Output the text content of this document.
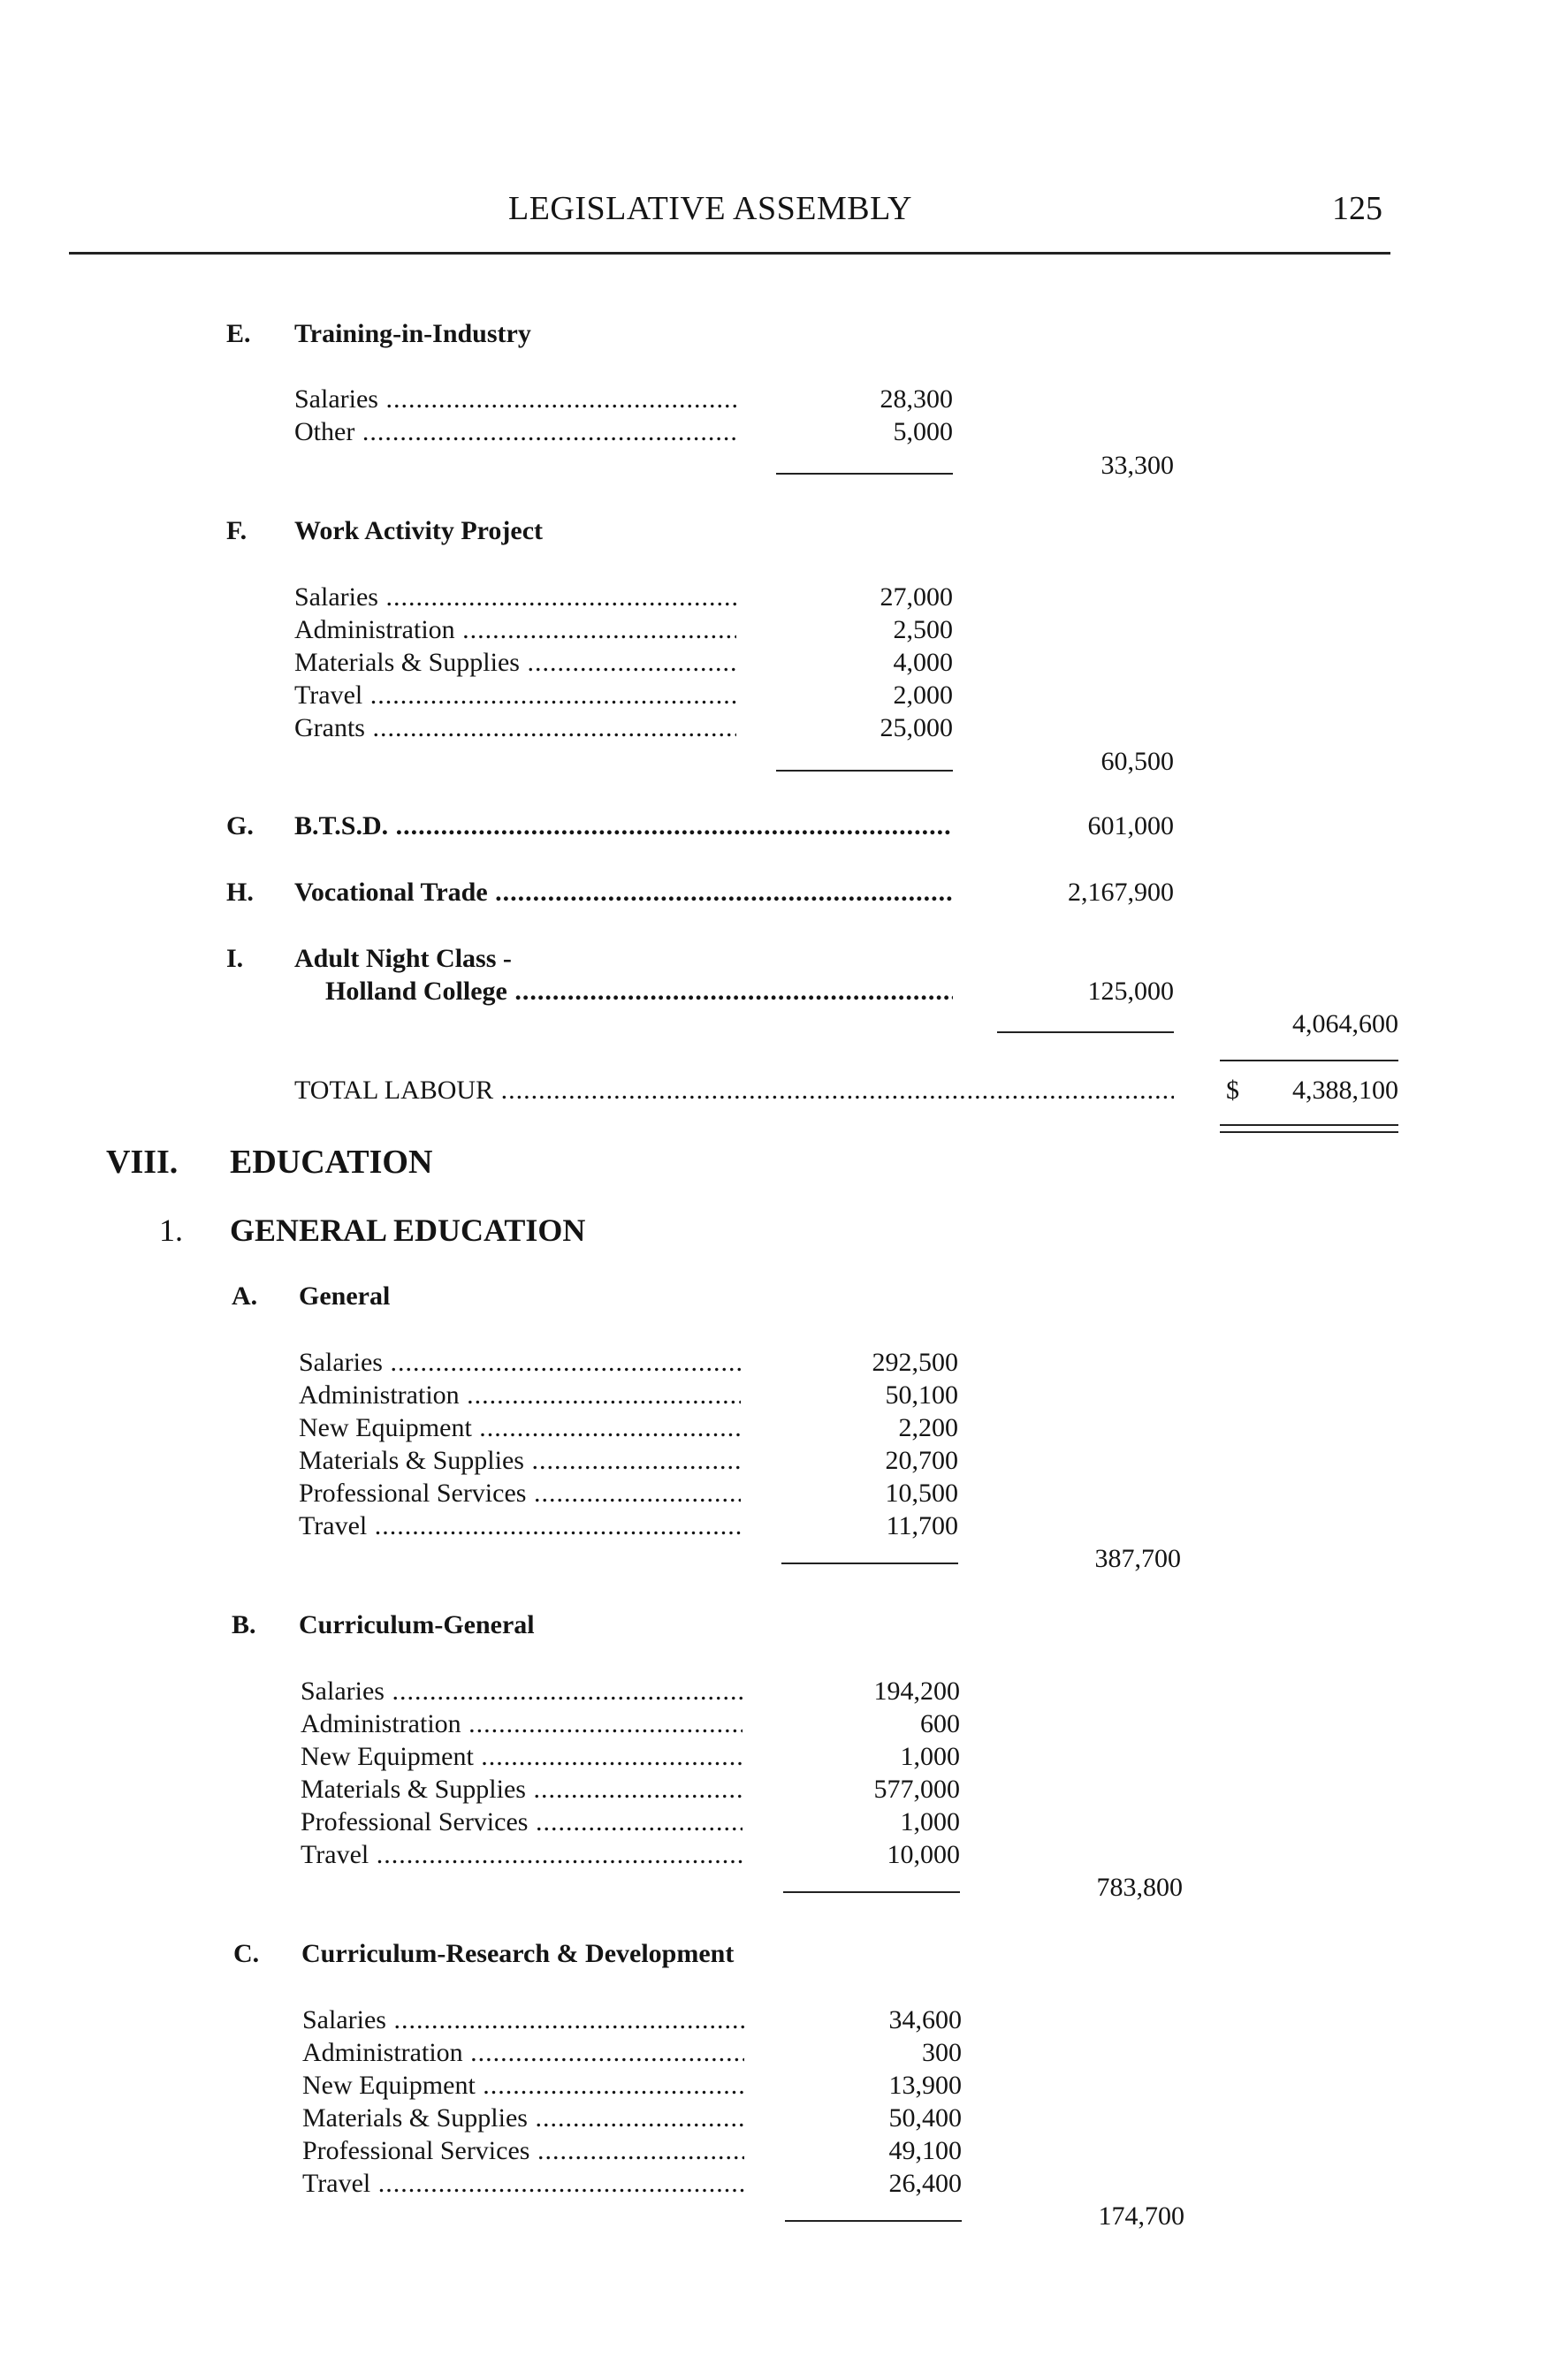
LEGISLATIVE ASSEMBLY	125
E. Training-in-Industry
Salaries .....	28,300
Other .....	5,000
33,300
F. Work Activity Project
Salaries .....	27,000
Administration .....	2,500
Materials & Supplies .....	4,000
Travel .....	2,000
Grants .....	25,000
60,500
G. B.T.S.D. .....	601,000
H. Vocational Trade .....	2,167,900
I. Adult Night Class -
Holland College .....	125,000
4,064,600
TOTAL LABOUR .....	$	4,388,100
VIII. EDUCATION
1. GENERAL EDUCATION
A. General
Salaries .....	292,500
Administration .....	50,100
New Equipment .....	2,200
Materials & Supplies .....	20,700
Professional Services .....	10,500
Travel .....	11,700
387,700
B. Curriculum-General
Salaries .....	194,200
Administration .....	600
New Equipment .....	1,000
Materials & Supplies .....	577,000
Professional Services .....	1,000
Travel .....	10,000
783,800
C. Curriculum-Research & Development
Salaries .....	34,600
Administration .....	300
New Equipment .....	13,900
Materials & Supplies .....	50,400
Professional Services .....	49,100
Travel .....	26,400
174,700
